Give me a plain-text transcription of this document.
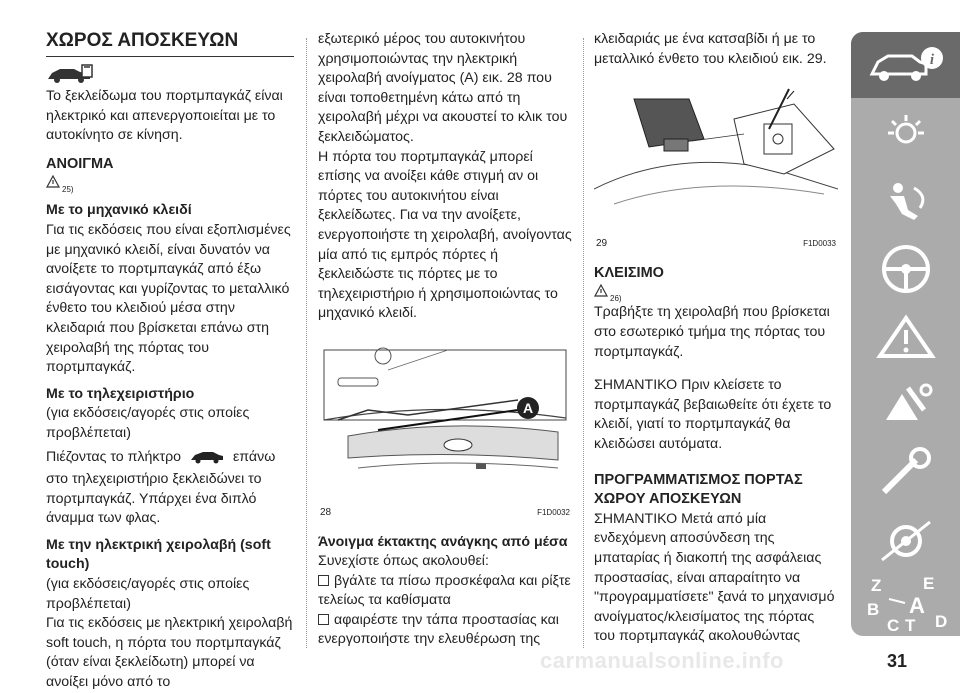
ΧΩΡΟΣ ΑΠΟΣΚΕΥΩΝ

Το ξεκλείδωμα του πορτμπαγκάζ είναι ηλεκτρικό και απενεργοποιείται με το αυτοκίνητο σε κίνηση.

ΑΝΟΙΓΜΑ
25)
Με το μηχανικό κλειδί

Για τις εκδόσεις που είναι εξοπλισμένες με μηχανικό κλειδί, είναι δυνατόν να ανοίξετε το πορτμπαγκάζ από έξω εισάγοντας και γυρίζοντας το μεταλλικό ένθετο του κλειδιού μέσα στην κλειδαριά που βρίσκεται επάνω στη χειρολαβή της πόρτας του πορτμπαγκάζ.

Με το τηλεχειριστήριο

(για εκδόσεις/αγορές στις οποίες προβλέπεται)

Πιέζοντας το πλήκτρο	επάνω στο τηλεχειριστήριο ξεκλειδώνει το πορτμπαγκάζ. Υπάρχει ένα διπλό άναμμα των φλας.

Με την ηλεκτρική χειρολαβή (soft touch)

(για εκδόσεις/αγορές στις οποίες προβλέπεται)

Για τις εκδόσεις με ηλεκτρική χειρολαβή soft touch, η πόρτα του πορτμπαγκάζ (όταν είναι ξεκλείδωτη) μπορεί να ανοίξει μόνο από το

εξωτερικό μέρος του αυτοκινήτου χρησιμοποιώντας την ηλεκτρική χειρολαβή ανοίγματος (A) εικ. 28 που είναι τοποθετημένη κάτω από τη χειρολαβή μέχρι να ακουστεί το κλικ του ξεκλειδώματος.

Η πόρτα του πορτμπαγκάζ μπορεί επίσης να ανοίξει κάθε στιγμή αν οι πόρτες του αυτοκινήτου είναι ξεκλείδωτες. Για να την ανοίξετε, ενεργοποιήστε τη χειρολαβή, ανοίγοντας μία από τις εμπρός πόρτες ή ξεκλειδώστε τις πόρτες με το τηλεχειριστήριο ή χρησιμοποιώντας το μηχανικό κλειδί.

A
28	F1D0032
Άνοιγμα έκτακτης ανάγκης από μέσα

Συνεχίστε όπως ακολουθεί:

βγάλτε τα πίσω προσκέφαλα και ρίξτε τελείως τα καθίσματα

αφαιρέστε την τάπα προστασίας και ενεργοποιήστε την ελευθέρωση της

κλειδαριάς με ένα κατσαβίδι ή με το μεταλλικό ένθετο του κλειδιού εικ. 29.

29	F1D0033
ΚΛΕΙΣΙΜΟ
26)

Τραβήξτε τη χειρολαβή που βρίσκεται στο εσωτερικό τμήμα της πόρτας του πορτμπαγκάζ.

ΣΗΜΑΝΤΙΚΟ Πριν κλείσετε το πορτμπαγκάζ βεβαιωθείτε ότι έχετε το κλειδί, γιατί το πορτμπαγκάζ θα κλειδώσει αυτόματα.

ΠΡΟΓΡΑΜΜΑΤΙΣΜΟΣ ΠΟΡΤΑΣ ΧΩΡΟΥ ΑΠΟΣΚΕΥΩΝ

ΣΗΜΑΝΤΙΚΟ Μετά από μία ενδεχόμενη αποσύνδεση της μπαταρίας ή διακοπή της ασφάλειας προστασίας, είναι απαραίτητο να "προγραμματίσετε" ξανά το μηχανισμό ανοίγματος/κλεισίματος της πόρτας του πορτμπαγκάζ ακολουθώντας

i
Z E
B A
C T D
carmanualsonline.info	31
